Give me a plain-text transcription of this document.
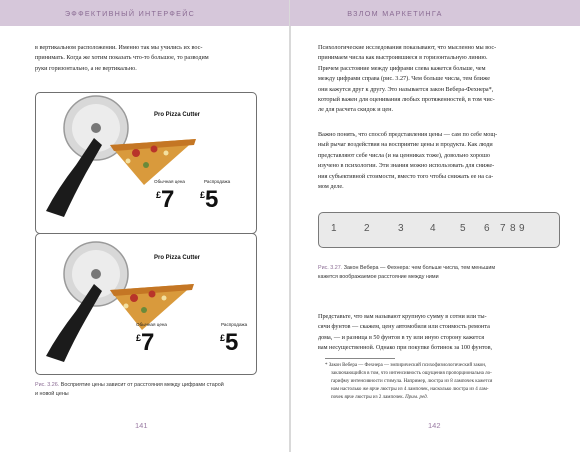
ЭФФЕКТИВНЫЙ ИНТЕРФЕЙС

в вертикальном расположении. Именно так мы учились их вос-

принимать. Когда же хотим показать что-то большое, то разводим

руки горизонтально, а не вертикально.

Pro Pizza Cutter
Обычная цена	Распродажа
£7	£5
Pro Pizza Cutter
Обычная цена	Распродажа
£7	£5

Рис. 3.26. Восприятие цены зависит от расстояния между цифрами старой

и новой цены

141
ВЗЛОМ МАРКЕТИНГА

Психологические исследования показывают, что мысленно мы вос-

принимаем числа как выстроившиеся в горизонтальную линию.

Причем расстояние между цифрами слева кажется больше, чем

между цифрами справа (рис. 3.27). Чем больше числа, тем ближе

они кажутся друг к другу. Это называется закон Вебера-Фехнера*,

который важен для оценивания любых протяженностей, в том чис-

ле для расчета скидок и цен.

Важно понять, что способ представления цены — сам по себе мощ-

ный рычаг воздействия на восприятие цены и продукта. Как люди

представляют себе числа (и на ценниках тоже), довольно хорошо

изучено в психологии. Эти знания можно использовать для сниже-

ния субъективной стоимости, вместо того чтобы снижать ее на са-

мом деле.

1	2	3	4 5 6 7 8 9

Рис. 3.27. Закон Вебера — Фехнера: чем больше числа, тем меньшим

кажется воображаемое расстояние между ними

Представьте, что вам называют крупную сумму в сотни или ты-

сячи фунтов — скажем, цену автомобиля или стоимость ремонта

дома, — и разница в 50 фунтов в ту или иную сторону кажется

вам несущественной. Однако при покупке ботинок за 100 фунтов,

* Закон Вебера — Фехнера — эмпирический психофизиологический закон,

заключающийся в том, что интенсивность ощущения пропорциональна ло-

гарифму интенсивности стимула. Например, люстра из 8 лампочек кажется

нам настолько же ярче люстры из 4 лампочек, насколько люстра из 4 лам-

почек ярче люстры из 2 лампочек. Прим. ред.

142
